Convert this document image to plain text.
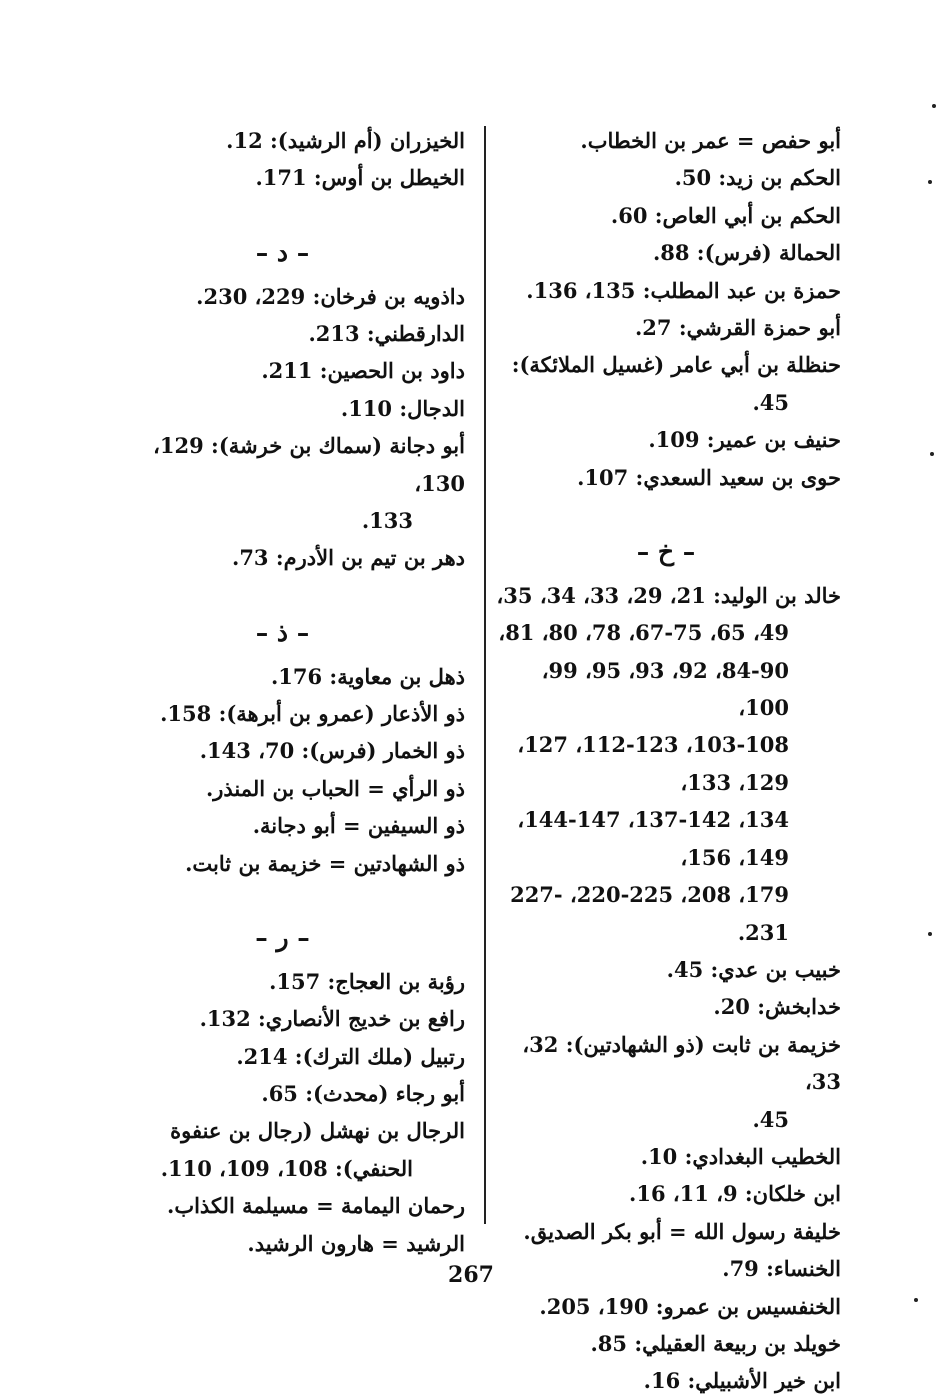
أبو حفص = عمر بن الخطاب.

الحكم بن زيد: 50.

الحكم بن أبي العاص: 60.

الحمالة (فرس): 88.

حمزة بن عبد المطلب: 135، 136.

أبو حمزة القرشي: 27.

حنظلة بن أبي عامر (غسيل الملائكة):
45.

حنيف بن عمير: 109.

حوى بن سعيد السعدي: 107.

– خ –

خالد بن الوليد: 21، 29، 33، 34، 35،

49، 65، 67-75، 78، 80، 81،

84-90، 92، 93، 95، 99، 100،

103-108، 112-123، 127، 129، 133،

134، 137-142، 144-147، 149، 156،

179، 208، 220-225، 227-231.

خبيب بن عدي: 45.

خدابخش: 20.

خزيمة بن ثابت (ذو الشهادتين): 32، 33،
45.

الخطيب البغدادي: 10.

ابن خلكان: 9، 11، 16.

خليفة رسول الله = أبو بكر الصديق.

الخنساء: 79.

الخنفسيس بن عمرو: 190، 205.

خويلد بن ربيعة العقيلي: 85.

ابن خير الأشبيلي: 16.

الخيزران (أم الرشيد): 12.

الخيطل بن أوس: 171.

– د –

داذويه بن فرخان: 229، 230.

الدارقطني: 213.

داود بن الحصين: 211.

الدجال: 110.

أبو دجانة (سماك بن خرشة): 129، 130،
133.

دهر بن تيم بن الأدرم: 73.

– ذ –

ذهل بن معاوية: 176.

ذو الأذعار (عمرو بن أبرهة): 158.

ذو الخمار (فرس): 70، 143.

ذو الرأي = الحباب بن المنذر.

ذو السيفين = أبو دجانة.

ذو الشهادتين = خزيمة بن ثابت.

– ر –

رؤبة بن العجاج: 157.

رافع بن خديج الأنصاري: 132.

رتبيل (ملك الترك): 214.

أبو رجاء (محدث): 65.

الرجال بن نهشل (رجال بن عنفوة
الحنفي): 108، 109، 110.

رحمان اليمامة = مسيلمة الكذاب.

الرشيد = هارون الرشيد.

267
